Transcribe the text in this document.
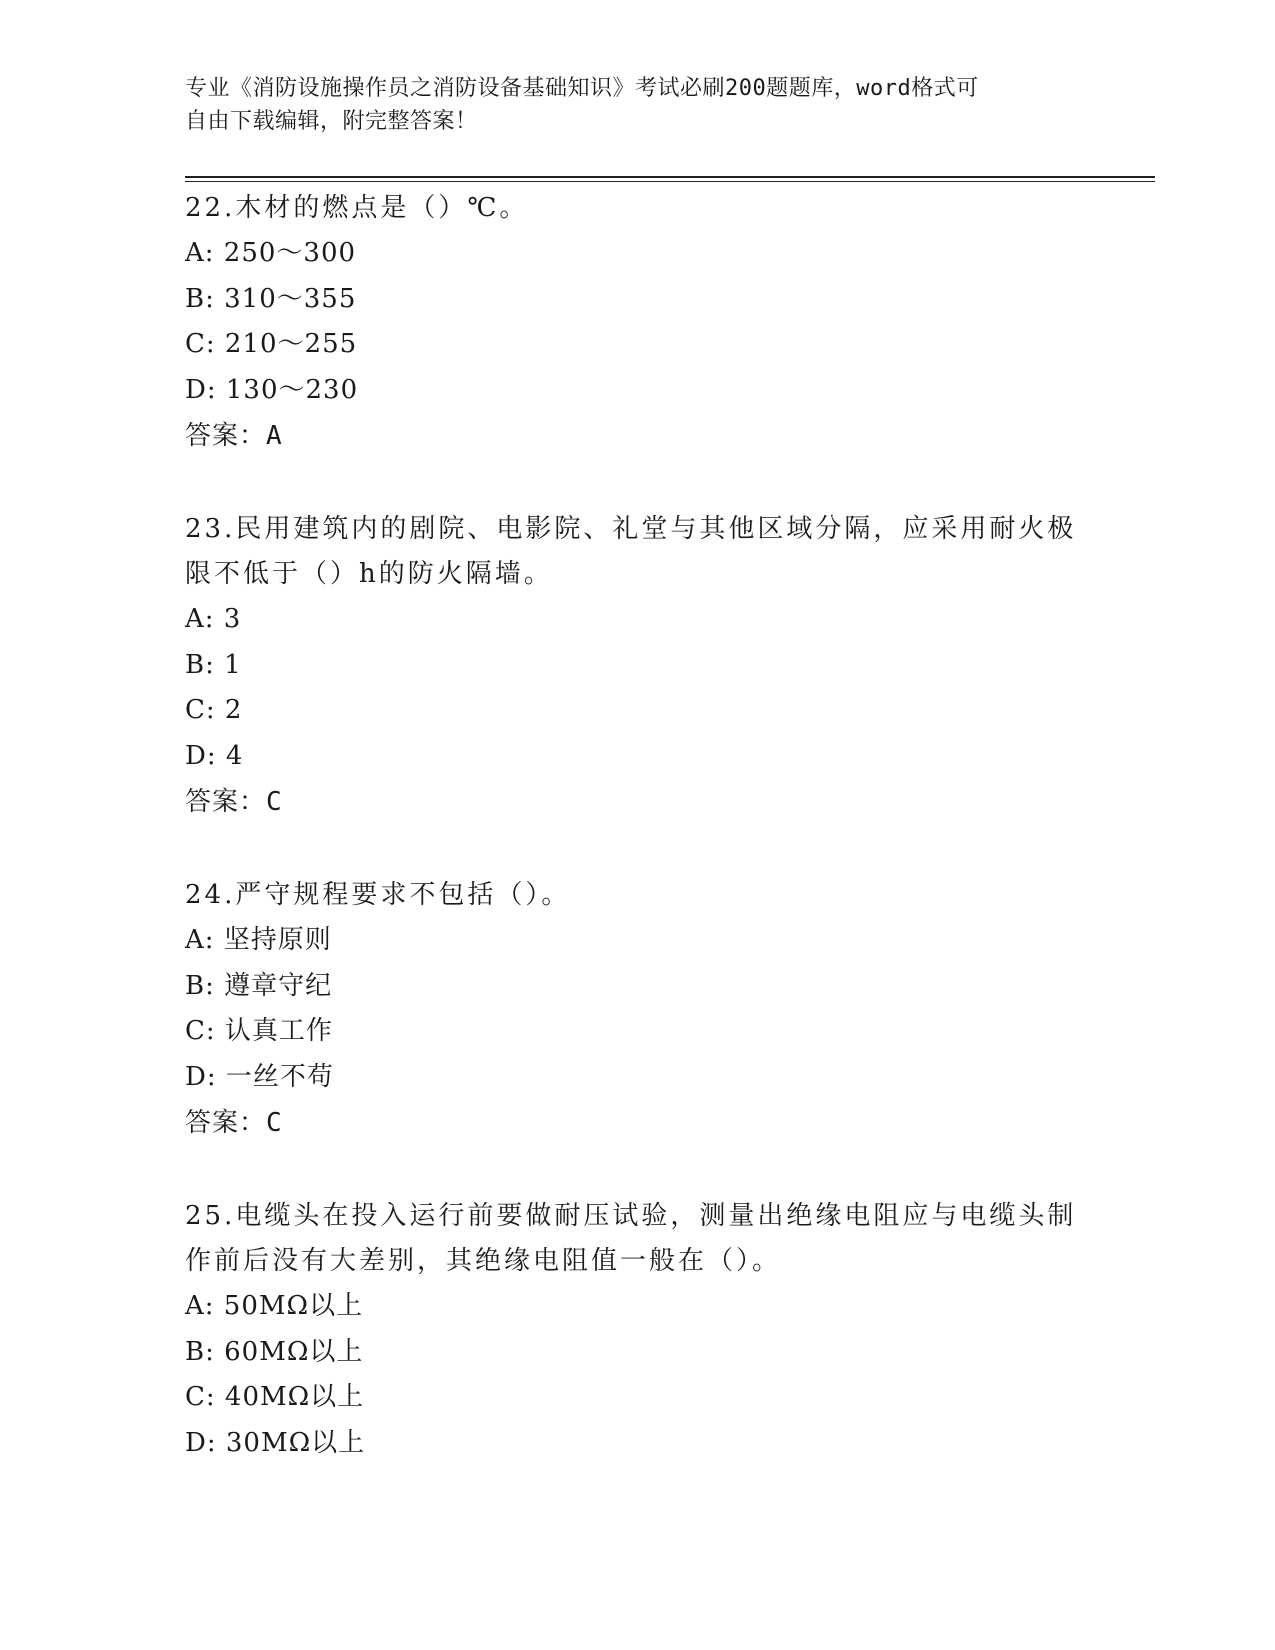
专业《消防设施操作员之消防设备基础知识》考试必刷200题题库，word格式可
自由下载编辑，附完整答案！

22.木材的燃点是（）℃。

A: 250～300

B: 310～355

C: 210～255

D: 130～230

答案：A

23.民用建筑内的剧院、电影院、礼堂与其他区域分隔，应采用耐火极限不低于（）h的防火隔墙。

A: 3

B: 1

C: 2

D: 4

答案：C

24.严守规程要求不包括（）。

A: 坚持原则

B: 遵章守纪

C: 认真工作

D: 一丝不苟

答案：C

25.电缆头在投入运行前要做耐压试验，测量出绝缘电阻应与电缆头制作前后没有大差别，其绝缘电阻值一般在（）。

A: 50MΩ以上

B: 60MΩ以上

C: 40MΩ以上

D: 30MΩ以上
